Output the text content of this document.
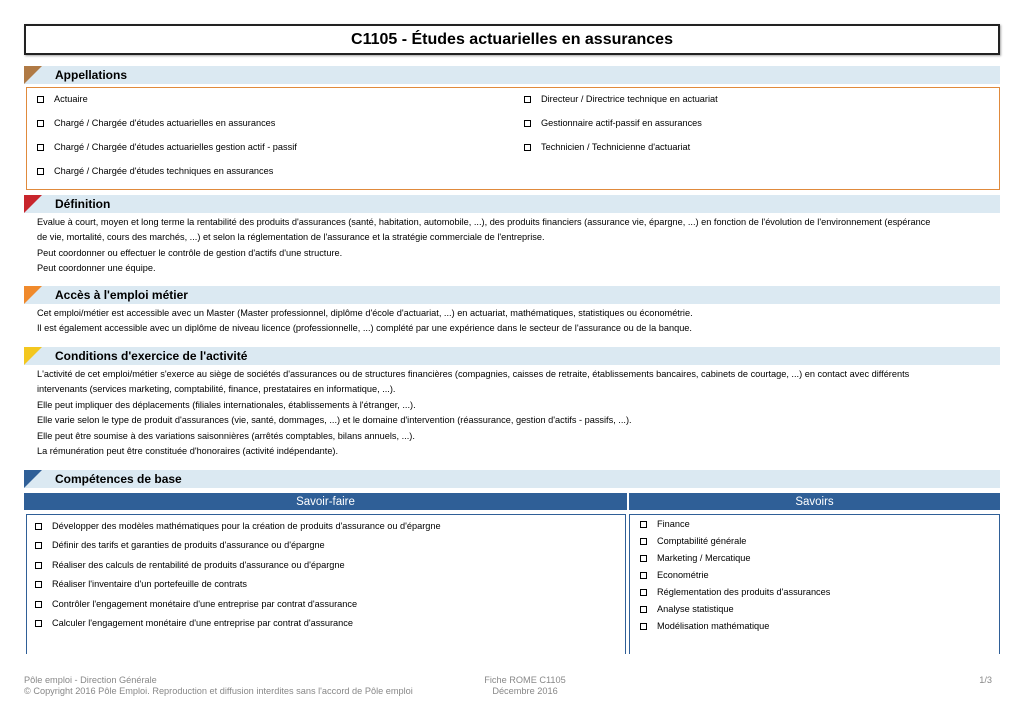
C1105 - Études actuarielles en assurances
Appellations
Actuaire
Chargé / Chargée d'études actuarielles en assurances
Chargé / Chargée d'études actuarielles gestion actif - passif
Chargé / Chargée d'études techniques en assurances
Directeur / Directrice technique en actuariat
Gestionnaire actif-passif en assurances
Technicien / Technicienne d'actuariat
Définition

Evalue à court, moyen et long terme la rentabilité des produits d'assurances (santé, habitation, automobile, ...), des produits financiers (assurance vie, épargne, ...) en fonction de l'évolution de l'environnement (espérance

de vie, mortalité, cours des marchés, ...) et selon la réglementation de l'assurance et la stratégie commerciale de l'entreprise.

Peut coordonner ou effectuer le contrôle de gestion d'actifs d'une structure.

Peut coordonner une équipe.

Accès à l'emploi métier

Cet emploi/métier est accessible avec un Master (Master professionnel, diplôme d'école d'actuariat, ...) en actuariat, mathématiques, statistiques ou économétrie.

Il est également accessible avec un diplôme de niveau licence (professionnelle, ...) complété par une expérience dans le secteur de l'assurance ou de la banque.

Conditions d'exercice de l'activité

L'activité de cet emploi/métier s'exerce au siège de sociétés d'assurances ou de structures financières (compagnies, caisses de retraite, établissements bancaires, cabinets de courtage, ...) en contact avec différents

intervenants (services marketing, comptabilité, finance, prestataires en informatique, ...).

Elle peut impliquer des déplacements (filiales internationales, établissements à l'étranger, ...).

Elle varie selon le type de produit d'assurances (vie, santé, dommages, ...) et le domaine d'intervention (réassurance, gestion d'actifs - passifs, ...).

Elle peut être soumise à des variations saisonnières (arrêtés comptables, bilans annuels, ...).

La rémunération peut être constituée d'honoraires (activité indépendante).

Compétences de base
Savoir-faire	Savoirs
Développer des modèles mathématiques pour la création de produits d'assurance ou d'épargne
Définir des tarifs et garanties de produits d'assurance ou d'épargne
Réaliser des calculs de rentabilité de produits d'assurance ou d'épargne
Réaliser l'inventaire d'un portefeuille de contrats
Contrôler l'engagement monétaire d'une entreprise par contrat d'assurance
Calculer l'engagement monétaire d'une entreprise par contrat d'assurance
Finance
Comptabilité générale
Marketing / Mercatique
Econométrie
Réglementation des produits d'assurances
Analyse statistique
Modélisation mathématique
Pôle emploi - Direction Générale
© Copyright 2016 Pôle Emploi. Reproduction et diffusion interdites sans l'accord de Pôle emploi
Fiche ROME C1105
Décembre 2016
1/3
